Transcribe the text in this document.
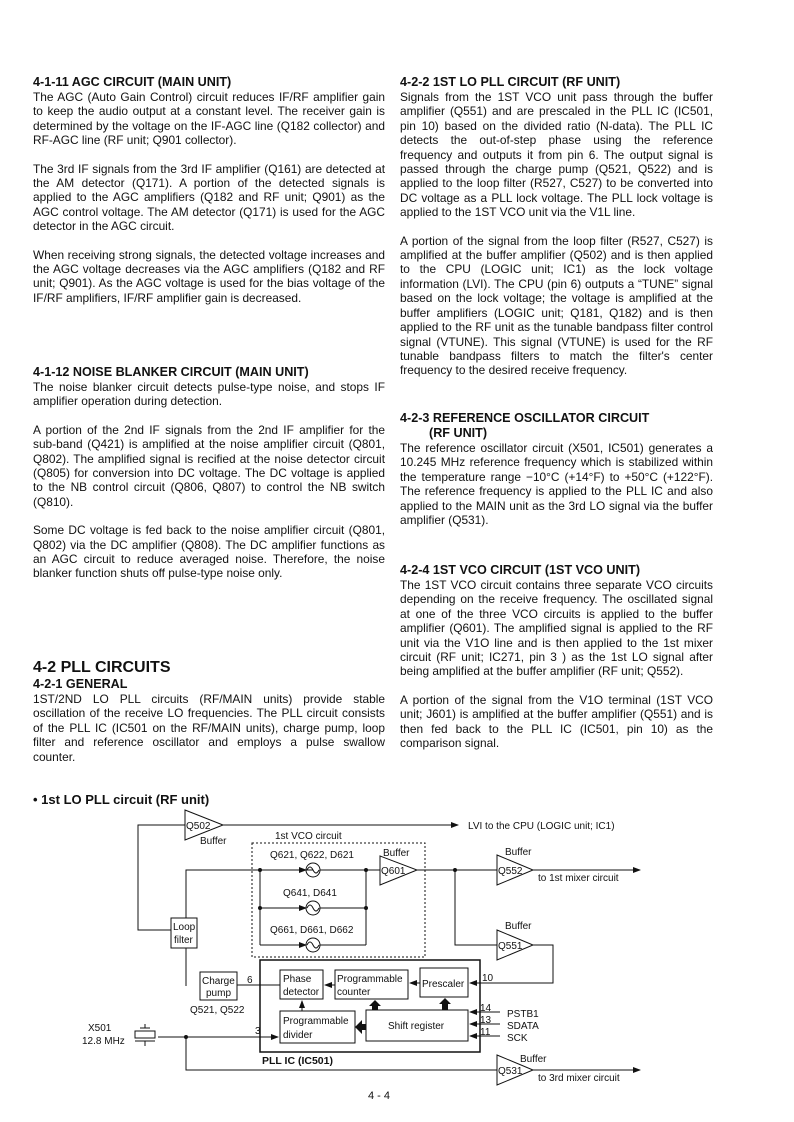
4-1-11 AGC CIRCUIT (MAIN UNIT)

The AGC (Auto Gain Control) circuit reduces IF/RF amplifier gain to keep the audio output at a constant level. The receiver gain is determined by the voltage on the IF-AGC line (Q182 collector) and RF-AGC line (RF unit; Q901 collector).

The 3rd IF signals from the 3rd IF amplifier (Q161) are detected at the AM detector (Q171). A portion of the detected signals is applied to the AGC amplifiers (Q182 and RF unit; Q901) as the AGC control voltage. The AM detector (Q171) is used for the AGC detector in the AGC circuit.

When receiving strong signals, the detected voltage increases and the AGC voltage decreases via the AGC amplifiers (Q182 and RF unit; Q901). As the AGC voltage is used for the bias voltage of the IF/RF amplifiers, IF/RF amplifier gain is decreased.

4-1-12 NOISE BLANKER CIRCUIT (MAIN UNIT)

The noise blanker circuit detects pulse-type noise, and stops IF amplifier operation during detection.

A portion of the 2nd IF signals from the 2nd IF amplifier for the sub-band (Q421) is amplified at the noise amplifier circuit (Q801, Q802). The amplified signal is recified at the noise detector circuit (Q805) for conversion into DC voltage. The DC voltage is applied to the NB control circuit (Q806, Q807) to control the NB switch (Q810).

Some DC voltage is fed back to the noise amplifier circuit (Q801, Q802) via the DC amplifier (Q808). The DC amplifier functions as an AGC circuit to reduce averaged noise. Therefore, the noise blanker function shuts off pulse-type noise only.

4-2 PLL CIRCUITS
4-2-1 GENERAL

1ST/2ND LO PLL circuits (RF/MAIN units) provide stable oscillation of the receive LO frequencies. The PLL circuit consists of the PLL IC (IC501 on the RF/MAIN units), charge pump, loop filter and reference oscillator and employs a pulse swallow counter.

4-2-2 1ST LO PLL CIRCUIT (RF UNIT)

Signals from the 1ST VCO unit pass through the buffer amplifier (Q551) and are prescaled in the PLL IC (IC501, pin 10) based on the divided ratio (N-data). The PLL IC detects the out-of-step phase using the reference frequency and outputs it from pin 6. The output signal is passed through the charge pump (Q521, Q522) and is applied to the loop filter (R527, C527) to be converted into DC voltage as a PLL lock voltage. The PLL lock voltage is applied to the 1ST VCO unit via the V1L line.

A portion of the signal from the loop filter (R527, C527) is amplified at the buffer amplifier (Q502) and is then applied to the CPU (LOGIC unit; IC1) as the lock voltage information (LVI). The CPU (pin 6) outputs a “TUNE” signal based on the lock voltage; the voltage is amplified at the buffer amplifiers (LOGIC unit; Q181, Q182) and is then applied to the RF unit as the tunable bandpass filter control signal (VTUNE). This signal (VTUNE) is used for the RF tunable bandpass filters to match the filter's center frequency to the desired receive frequency.

4-2-3 REFERENCE OSCILLATOR CIRCUIT
(RF UNIT)

The reference oscillator circuit (X501, IC501) generates a 10.245 MHz reference frequency which is stabilized within the temperature range −10°C (+14°F) to +50°C (+122°F). The reference frequency is applied to the PLL IC and also applied to the MAIN unit as the 3rd LO signal via the buffer amplifier (Q531).

4-2-4 1ST VCO CIRCUIT (1ST VCO UNIT)

The 1ST VCO circuit contains three separate VCO circuits depending on the receive frequency. The oscillated signal at one of the three VCO circuits is applied to the buffer amplifier (Q601). The amplified signal is applied to the RF unit via the V1O line and is then applied to the 1st mixer circuit (RF unit; IC271, pin 3 ) as the 1st LO signal after being amplified at the buffer amplifier (RF unit; Q552).

A portion of the signal from the V1O terminal (1ST VCO unit; J601) is amplified at the buffer amplifier (Q551) and is then fed back to the PLL IC (IC501, pin 10) as the comparison signal.

• 1st LO PLL circuit (RF unit)
Q502
Buffer
LVI to the CPU (LOGIC unit; IC1)
1st VCO circuit
Q621, Q622, D621
Q641, D641
Q661, D661, D662
Buffer
Q601
Buffer
Q552
to 1st mixer circuit
Buffer
Q551
Loop
filter
Charge
pump
Q521, Q522
6	Phase
detector
Programmable
counter
Prescaler
10
Programmable
divider
Shift register
3
14
13
11
PSTB1
SDATA
SCK
X501
12.8 MHz
PLL IC (IC501)	Buffer
Q531
to 3rd mixer circuit
4 - 4
